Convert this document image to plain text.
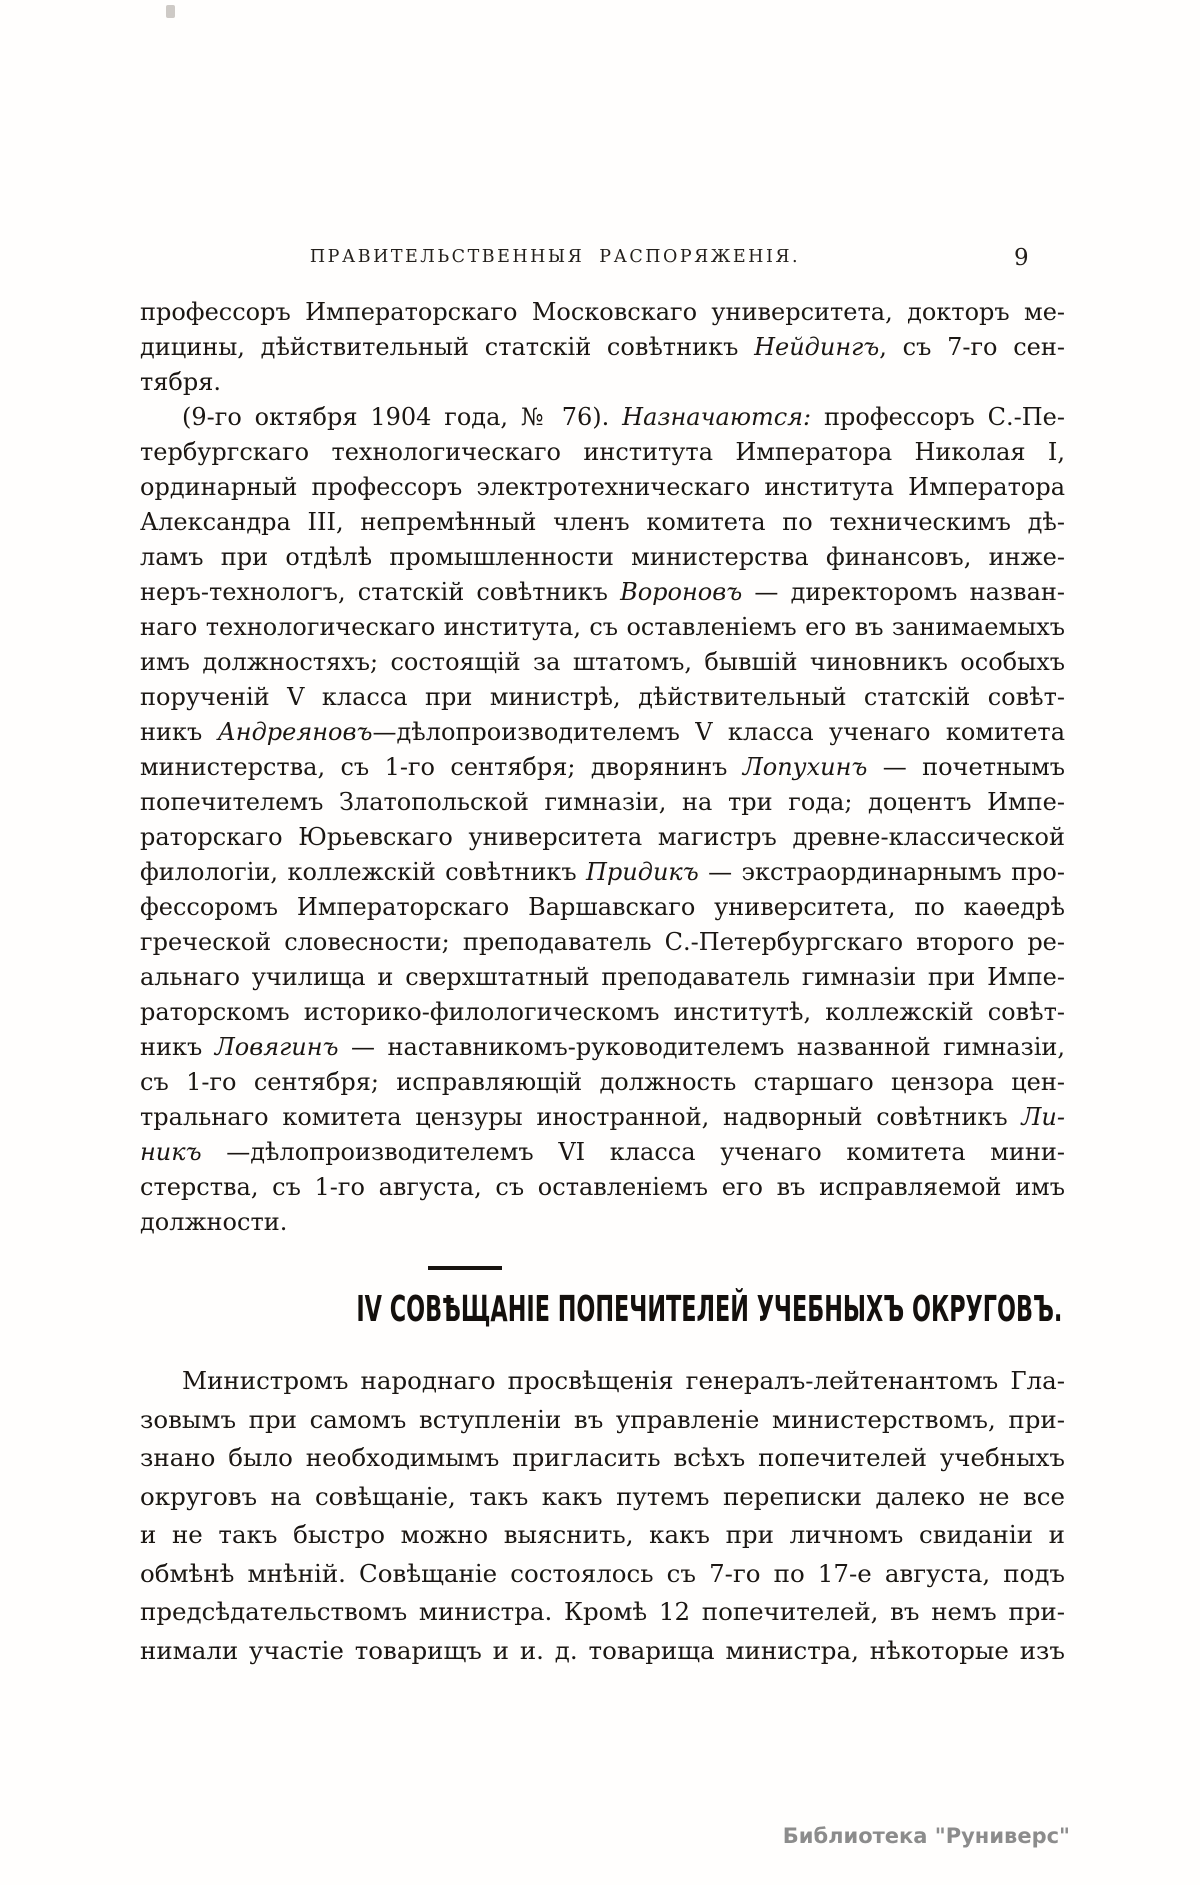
ПРАВИТЕЛЬСТВЕННЫЯ РАСПОРЯЖЕНІЯ.	9
профессоръ Императорскаго Московскаго университета, докторъ ме-
дицины, дѣйствительный статскій совѣтникъ Нейдингъ, съ 7-го сен-
тября.
(9-го октября 1904 года, № 76). Назначаются: профессоръ С.-Пе-
тербургскаго технологическаго института Императора Николая I,
ординарный профессоръ электротехническаго института Императора
Александра III, непремѣнный членъ комитета по техническимъ дѣ-
ламъ при отдѣлѣ промышленности министерства финансовъ, инже-
неръ-технологъ, статскій совѣтникъ Вороновъ — директоромъ назван-
наго технологическаго института, съ оставленіемъ его въ занимаемыхъ
имъ должностяхъ; состоящій за штатомъ, бывшій чиновникъ особыхъ
порученій V класса при министрѣ, дѣйствительный статскій совѣт-
никъ Андреяновъ—дѣлопроизводителемъ V класса ученаго комитета
министерства, съ 1-го сентября; дворянинъ Лопухинъ — почетнымъ
попечителемъ Златопольской гимназіи, на три года; доцентъ Импе-
раторскаго Юрьевскаго университета магистръ древне-классической
филологіи, коллежскій совѣтникъ Придикъ — экстраординарнымъ про-
фессоромъ Императорскаго Варшавскаго университета, по каѳедрѣ
греческой словесности; преподаватель С.-Петербургскаго второго ре-
альнаго училища и сверхштатный преподаватель гимназіи при Импе-
раторскомъ историко-филологическомъ институтѣ, коллежскій совѣт-
никъ Ловягинъ — наставникомъ-руководителемъ названной гимназіи,
съ 1-го сентября; исправляющій должность старшаго цензора цен-
тральнаго комитета цензуры иностранной, надворный совѣтникъ Ли-
никъ —дѣлопроизводителемъ VI класса ученаго комитета мини-
стерства, съ 1-го августа, съ оставленіемъ его въ исправляемой имъ
должности.
IV СОВѢЩАНІЕ ПОПЕЧИТЕЛЕЙ УЧЕБНЫХЪ ОКРУГОВЪ.
Министромъ народнаго просвѣщенія генералъ-лейтенантомъ Гла-
зовымъ при самомъ вступленіи въ управленіе министерствомъ, при-
знано было необходимымъ пригласить всѣхъ попечителей учебныхъ
округовъ на совѣщаніе, такъ какъ путемъ переписки далеко не все
и не такъ быстро можно выяснить, какъ при личномъ свиданіи и
обмѣнѣ мнѣній. Совѣщаніе состоялось съ 7-го по 17-е августа, подъ
предсѣдательствомъ министра. Кромѣ 12 попечителей, въ немъ при-
нимали участіе товарищъ и и. д. товарища министра, нѣкоторые изъ
Библиотека "Руниверс"
